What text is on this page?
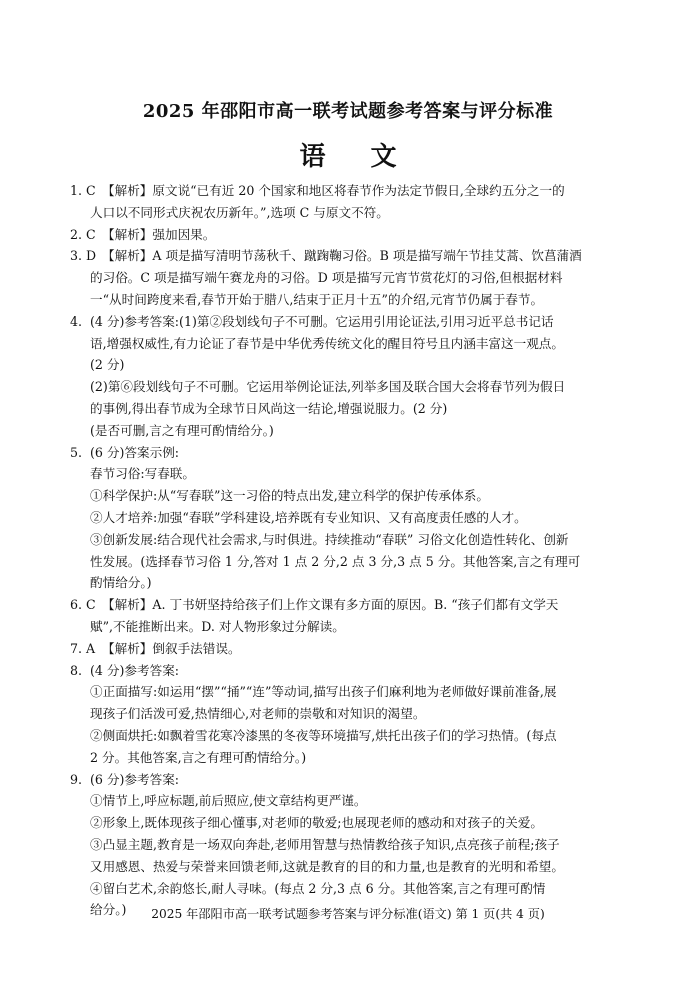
2025 年邵阳市高一联考试题参考答案与评分标准
语 文
1. C 【解析】原文说“已有近 20 个国家和地区将春节作为法定节假日,全球约五分之一的
人口以不同形式庆祝农历新年。”,选项 C 与原文不符。
2. C 【解析】强加因果。
3. D 【解析】A 项是描写清明节荡秋千、蹴踘鞠习俗。B 项是描写端午节挂艾蒿、饮菖蒲酒
的习俗。C 项是描写端午赛龙舟的习俗。D 项是描写元宵节赏花灯的习俗,但根据材料
一“从时间跨度来看,春节开始于腊八,结束于正月十五”的介绍,元宵节仍属于春节。
4. (4 分)参考答案:(1)第②段划线句子不可删。它运用引用论证法,引用习近平总书记话
语,增强权威性,有力论证了春节是中华优秀传统文化的醒目符号且内涵丰富这一观点。
(2 分)
(2)第⑥段划线句子不可删。它运用举例论证法,列举多国及联合国大会将春节列为假日
的事例,得出春节成为全球节日风尚这一结论,增强说服力。(2 分)
(是否可删,言之有理可酌情给分。)
5. (6 分)答案示例:
春节习俗:写春联。
①科学保护:从“写春联”这一习俗的特点出发,建立科学的保护传承体系。
②人才培养:加强“春联”学科建设,培养既有专业知识、又有高度责任感的人才。
③创新发展:结合现代社会需求,与时俱进。持续推动“春联” 习俗文化创造性转化、创新
性发展。(选择春节习俗 1 分,答对 1 点 2 分,2 点 3 分,3 点 5 分。其他答案,言之有理可
酌情给分。)
6. C 【解析】A. 丁书妍坚持给孩子们上作文课有多方面的原因。B. “孩子们都有文学天
赋”,不能推断出来。D. 对人物形象过分解读。
7. A 【解析】倒叙手法错误。
8. (4 分)参考答案:
①正面描写:如运用“摆”“捅”“连”等动词,描写出孩子们麻利地为老师做好课前准备,展
现孩子们活泼可爱,热情细心,对老师的崇敬和对知识的渴望。
②侧面烘托:如飘着雪花寒冷漆黑的冬夜等环境描写,烘托出孩子们的学习热情。(每点
2 分。其他答案,言之有理可酌情给分。)
9. (6 分)参考答案:
①情节上,呼应标题,前后照应,使文章结构更严谨。
②形象上,既体现孩子细心懂事,对老师的敬爱;也展现老师的感动和对孩子的关爱。
③凸显主题,教育是一场双向奔赴,老师用智慧与热情教给孩子知识,点亮孩子前程;孩子
又用感恩、热爱与荣誉来回馈老师,这就是教育的目的和力量,也是教育的光明和希望。
④留白艺术,余韵悠长,耐人寻味。(每点 2 分,3 点 6 分。其他答案,言之有理可酌情
给分。)	2025 年邵阳市高一联考试题参考答案与评分标准(语文) 第 1 页(共 4 页)
